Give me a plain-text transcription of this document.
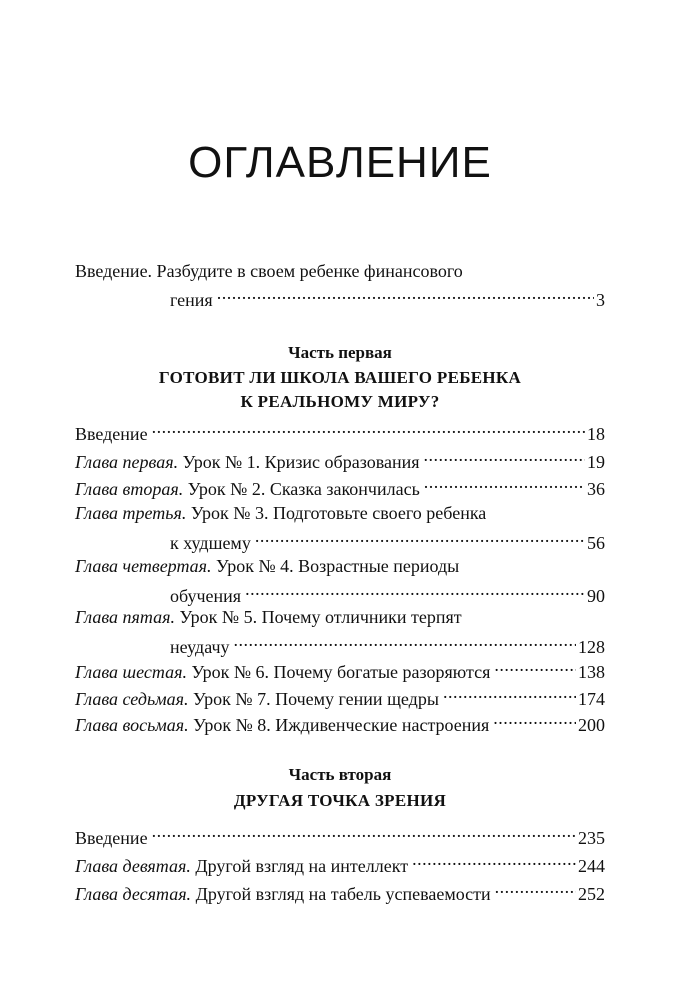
ОГЛАВЛЕНИЕ
Введение. Разбудите в своем ребенке финансового
гения .....	3
Часть первая
ГОТОВИТ ЛИ ШКОЛА ВАШЕГО РЕБЕНКА
К РЕАЛЬНОМУ МИРУ?
Введение .....	18
Глава первая. Урок № 1. Кризис образования .....	19
Глава вторая. Урок № 2. Сказка закончилась .....	36
Глава третья. Урок № 3. Подготовьте своего ребенка
к худшему .....	56
Глава четвертая. Урок № 4. Возрастные периоды
обучения .....	90
Глава пятая. Урок № 5. Почему отличники терпят
неудачу .....	128
Глава шестая. Урок № 6. Почему богатые разоряются .....	138
Глава седьмая. Урок № 7. Почему гении щедры .....	174
Глава восьмая. Урок № 8. Иждивенческие настроения .....	200
Часть вторая
ДРУГАЯ ТОЧКА ЗРЕНИЯ
Введение .....	235
Глава девятая. Другой взгляд на интеллект .....	244
Глава десятая. Другой взгляд на табель успеваемости .....	252
